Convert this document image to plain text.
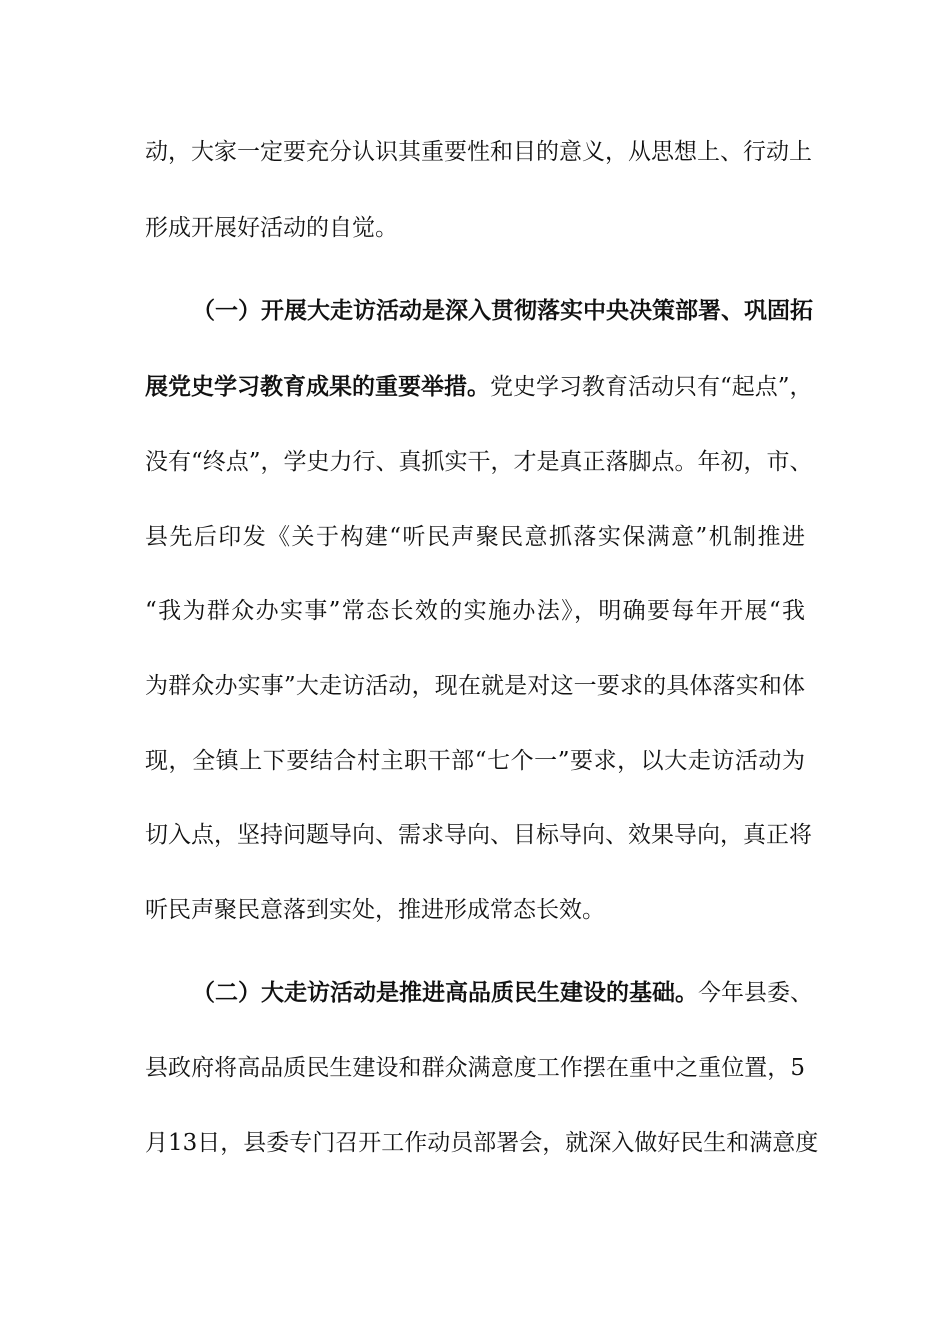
动，大家一定要充分认识其重要性和目的意义，从思想上、行动上
形成开展好活动的自觉。
（一）开展大走访活动是深入贯彻落实中央决策部署、巩固拓
展党史学习教育成果的重要举措。党史学习教育活动只有“起点”，
没有“终点”，学史力行、真抓实干，才是真正落脚点。年初，市、
县先后印发《关于构建“听民声聚民意抓落实保满意”机制推进
“我为群众办实事”常态长效的实施办法》，明确要每年开展“我
为群众办实事”大走访活动，现在就是对这一要求的具体落实和体
现，全镇上下要结合村主职干部“七个一”要求，以大走访活动为
切入点，坚持问题导向、需求导向、目标导向、效果导向，真正将
听民声聚民意落到实处，推进形成常态长效。
（二）大走访活动是推进高品质民生建设的基础。今年县委、
县政府将高品质民生建设和群众满意度工作摆在重中之重位置，5
月13日，县委专门召开工作动员部署会，就深入做好民生和满意度
